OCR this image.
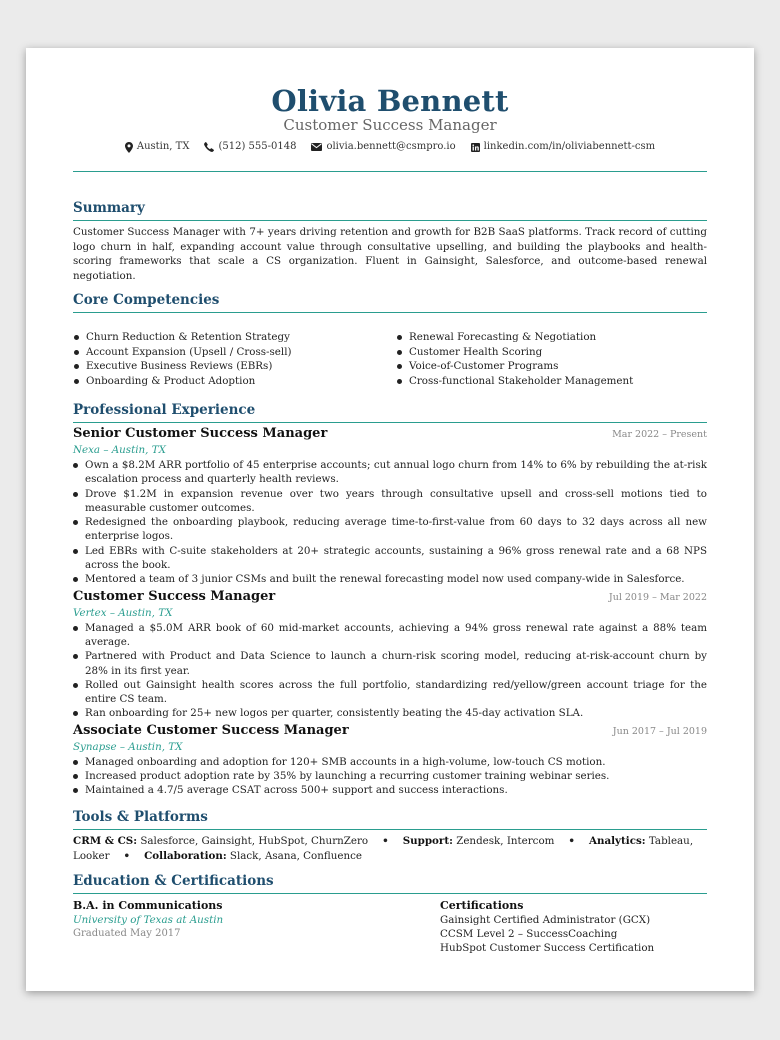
Olivia Bennett
Customer Success Manager
Austin, TX	(512) 555-0148	olivia.bennett@csmpro.io	linkedin.com/in/oliviabennett-csm
Summary
Customer Success Manager with 7+ years driving retention and growth for B2B SaaS platforms. Track record of cutting logo churn in half, expanding account value through consultative upselling, and building the playbooks and health-scoring frameworks that scale a CS organization. Fluent in Gainsight, Salesforce, and outcome-based renewal negotiation.
Core Competencies
Churn Reduction & Retention Strategy
Account Expansion (Upsell / Cross-sell)
Executive Business Reviews (EBRs)
Onboarding & Product Adoption
Renewal Forecasting & Negotiation
Customer Health Scoring
Voice-of-Customer Programs
Cross-functional Stakeholder Management
Professional Experience
Senior Customer Success Manager	Mar 2022 – Present
Nexa – Austin, TX
Own a $8.2M ARR portfolio of 45 enterprise accounts; cut annual logo churn from 14% to 6% by rebuilding the at-risk escalation process and quarterly health reviews.
Drove $1.2M in expansion revenue over two years through consultative upsell and cross-sell motions tied to measurable customer outcomes.
Redesigned the onboarding playbook, reducing average time-to-first-value from 60 days to 32 days across all new enterprise logos.
Led EBRs with C-suite stakeholders at 20+ strategic accounts, sustaining a 96% gross renewal rate and a 68 NPS across the book.
Mentored a team of 3 junior CSMs and built the renewal forecasting model now used company-wide in Salesforce.
Customer Success Manager	Jul 2019 – Mar 2022
Vertex – Austin, TX
Managed a $5.0M ARR book of 60 mid-market accounts, achieving a 94% gross renewal rate against a 88% team average.
Partnered with Product and Data Science to launch a churn-risk scoring model, reducing at-risk-account churn by 28% in its first year.
Rolled out Gainsight health scores across the full portfolio, standardizing red/yellow/green account triage for the entire CS team.
Ran onboarding for 25+ new logos per quarter, consistently beating the 45-day activation SLA.
Associate Customer Success Manager	Jun 2017 – Jul 2019
Synapse – Austin, TX
Managed onboarding and adoption for 120+ SMB accounts in a high-volume, low-touch CS motion.
Increased product adoption rate by 35% by launching a recurring customer training webinar series.
Maintained a 4.7/5 average CSAT across 500+ support and success interactions.
Tools & Platforms
CRM & CS: Salesforce, Gainsight, HubSpot, ChurnZero • Support: Zendesk, Intercom • Analytics: Tableau, Looker • Collaboration: Slack, Asana, Confluence
Education & Certifications
B.A. in Communications
University of Texas at Austin
Graduated May 2017
Certifications
Gainsight Certified Administrator (GCX)
CCSM Level 2 – SuccessCoaching
HubSpot Customer Success Certification
